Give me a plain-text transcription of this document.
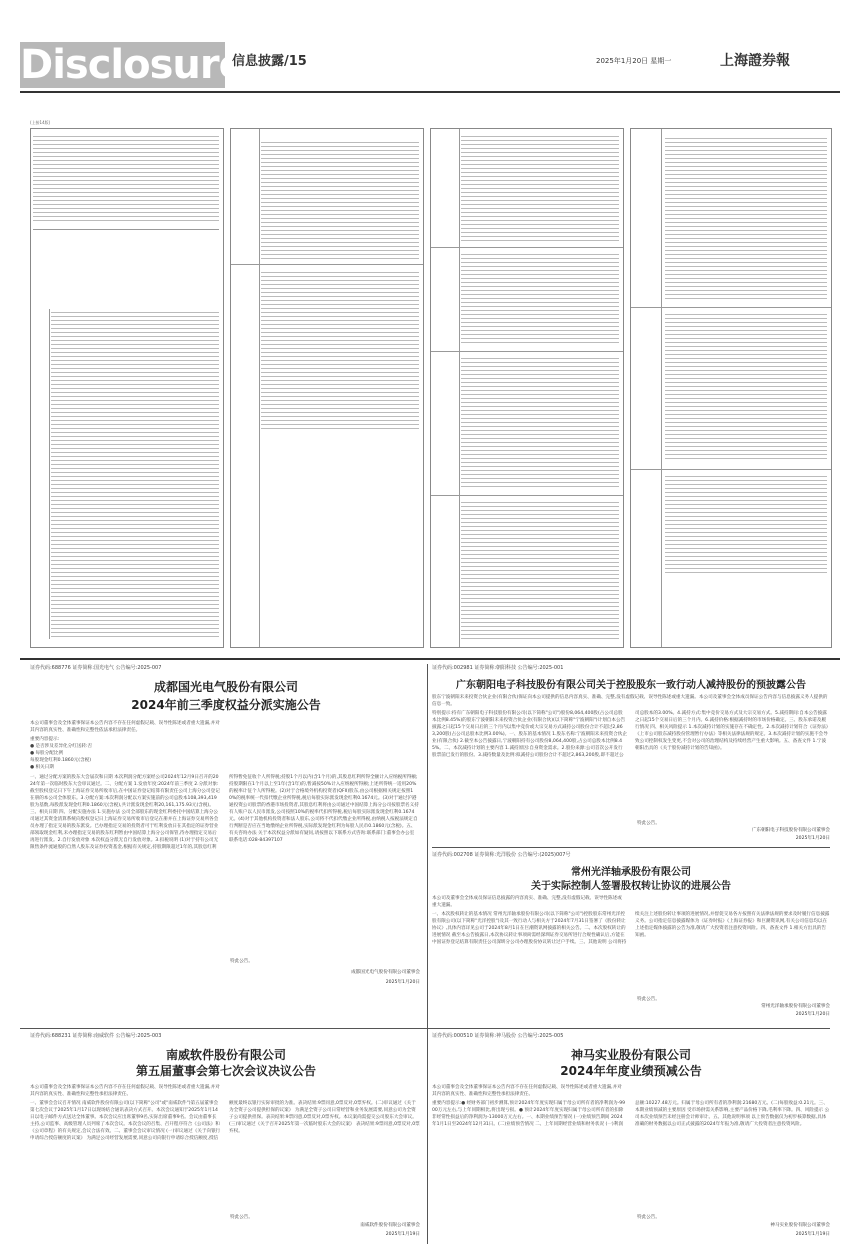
Disclosure
信息披露/15	2025年1月20日 星期一	上海證券報
(上接14版)
证券代码:688776 证券简称:国光电气 公告编号:2025-007
成都国光电气股份有限公司
2024年前三季度权益分派实施公告
本公司董事会及全体董事保证本公告内容不存在任何虚假记载、误导性陈述或者重大遗漏,并对其内容的真实性、准确性和完整性依法承担法律责任。
重要内容提示:
● 是否涉及差异化分红送转:否
● 每股分配比例
每股现金红利0.1860元(含税)
● 相关日期
一、通过分配方案的股东大会届次和日期 本次利润分配方案经公司2024年12月9日召开的2024年第一次临时股东大会审议通过。二、分配方案 1.发放年度:2024年前三季度 2.分派对象:截至股权登记日下午上海证券交易所收市后,在中国证券登记结算有限责任公司上海分公司登记在册的本公司全体股东。3.分配方案:本次利润分配以方案实施前的公司总股本108,393,419股为基数,每股派发现金红利0.1860元(含税),共计派发现金红利20,161,175.93元(含税)。三、相关日期 四、分配实施办法 1.实施办法 公司全部股东的现金红利委托中国结算上海分公司通过其资金清算系统向股权登记日上海证券交易所收市后登记在册并在上海证券交易所各会员办理了指定交易的股东派发。已办理指定交易的投资者可于红利发放日在其指定的证券营业部领取现金红利,未办理指定交易的股东红利暂由中国结算上海分公司保管,待办理指定交易后再进行派发。2.自行发放对象 本次权益分派无自行发放对象。3.扣税说明 (1)对于持有公司无限售条件流通股的自然人股东及证券投资基金,根据有关规定,持股期限超过1年的,其股息红利所得暂免征收个人所得税;持股1个月以内(含1个月)的,其股息红利所得全额计入应纳税所得额;持股期限在1个月以上至1年(含1年)的,暂减按50%计入应纳税所得额;上述所得统一适用20%的税率计征个人所得税。(2)对于合格境外机构投资者(QFII)股东,由公司根据相关规定按照10%的税率统一代扣代缴企业所得税,税后每股实际派发现金红利0.1674元。(3)对于通过沪港通投资公司股票的香港市场投资者,其股息红利将由公司通过中国结算上海分公司按股票名义持有人账户以人民币派发,公司按照10%的税率代扣所得税,税后每股实际派发现金红利0.1674元。(4)对于其他机构投资者和法人股东,公司将不代扣代缴企业所得税,由纳税人按税法规定自行判断是否应在当地缴纳企业所得税,实际派发现金红利为每股人民币0.1860元(含税)。五、有关咨询办法 关于本次权益分派如有疑问,请按照以下联系方式咨询:联系部门:董事会办公室 联系电话:028-84397107
特此公告。
成都国光电气股份有限公司董事会
2025年1月20日
证券代码:002981 证券简称:朝阳科技 公告编号:2025-001
广东朝阳电子科技股份有限公司关于控股股东一致行动人减持股份的预披露公告
股东宁波朝阳未来投资合伙企业(有限合伙)保证向本公司提供的信息内容真实、准确、完整,没有虚假记载、误导性陈述或重大遗漏。本公司及董事会全体成员保证公告内容与信息披露义务人提供的信息一致。
特别提示:持有广东朝阳电子科技股份有限公司(以下简称"公司")股份8,064,400股(占公司总股本比例8.45%)的股东宁波朝阳未来投资合伙企业(有限合伙)(以下简称"宁波朝阳")计划自本公告披露之日起15个交易日后的三个月内以集中竞价或大宗交易方式减持公司股份合计不超过2,863,200股(占公司总股本比例3.00%)。一、股东的基本情况 1.股东名称:宁波朝阳未来投资合伙企业(有限合伙) 2.截至本公告披露日,宁波朝阳持有公司股份8,064,400股,占公司总股本比例8.45%。二、本次减持计划的主要内容 1.减持原因:自身资金需求。2.股份来源:公司首次公开发行股票前已发行的股份。3.减持数量及比例:拟减持公司股份合计不超过2,863,200股,即不超过公司总股本的3.00%。4.减持方式:集中竞价交易方式及大宗交易方式。5.减持期间:自本公告披露之日起15个交易日后的三个月内。6.减持价格:根据减持时的市场价格确定。三、股东承诺及履行情况 四、相关风险提示 1.本次减持计划的实施存在不确定性。2.本次减持计划符合《证券法》《上市公司股东减持股份管理暂行办法》等相关法律法规的规定。3.本次减持计划的实施不会导致公司控制权发生变更,不会对公司的治理结构及持续经营产生重大影响。五、备查文件 1.宁波朝阳出具的《关于股份减持计划的告知函》。
特此公告。
广东朝阳电子科技股份有限公司董事会
2025年1月20日
证券代码:002708 证券简称:光洋股份 公告编号:(2025)007号
常州光洋轴承股份有限公司
关于实际控制人签署股权转让协议的进展公告
本公司及董事会全体成员保证信息披露的内容真实、准确、完整,没有虚假记载、误导性陈述或重大遗漏。
一、本次股权转让的基本情况 常州光洋轴承股份有限公司(以下简称"公司")控股股东常州光洋控股有限公司(以下简称"光洋控股")及其一致行动人与相关方于2024年7月31日签署了《股份转让协议》,具体内容详见公司于2024年8月1日在巨潮资讯网披露的相关公告。二、本次股权转让的进展情况 截至本公告披露日,本次协议转让事项尚需经深圳证券交易所进行合规性确认后,方能在中国证券登记结算有限责任公司深圳分公司办理股份协议转让过户手续。三、其他说明 公司将持续关注上述股份转让事项的进展情况,并督促交易各方按照有关法律法规的要求及时履行信息披露义务。公司指定信息披露媒体为《证券时报》《上海证券报》和巨潮资讯网,有关公司信息均以在上述指定媒体披露的公告为准,敬请广大投资者注意投资风险。四、备查文件 1.相关方出具的告知函。
特此公告。
常州光洋轴承股份有限公司董事会
2025年1月20日
证券代码:688231 证券简称:南威软件 公告编号:2025-003
南威软件股份有限公司
第五届董事会第七次会议决议公告
本公司董事会及全体董事保证本公告内容不存在任何虚假记载、误导性陈述或者重大遗漏,并对其内容的真实性、准确性和完整性承担法律责任。
一、董事会会议召开情况 南威软件股份有限公司(以下简称"公司"或"南威软件")第五届董事会第七次会议于2025年1月17日以现场结合通讯表决方式召开。本次会议通知于2025年1月14日以电子邮件方式送达全体董事。本次会议应出席董事9名,实际出席董事9名。会议由董事长主持,公司监事、高级管理人员列席了本次会议。本次会议的召集、召开程序符合《公司法》和《公司章程》的有关规定,会议合法有效。二、董事会会议审议情况 (一)审议通过《关于向银行申请综合授信额度的议案》 为满足公司经营发展需要,同意公司向银行申请综合授信额度,授信额度最终以银行实际审批的为准。表决结果:9票同意,0票反对,0票弃权。(二)审议通过《关于为全资子公司提供担保的议案》 为满足全资子公司日常经营和业务发展需要,同意公司为全资子公司提供担保。表决结果:9票同意,0票反对,0票弃权。本议案尚需提交公司股东大会审议。(三)审议通过《关于召开2025年第一次临时股东大会的议案》 表决结果:9票同意,0票反对,0票弃权。
特此公告。
南威软件股份有限公司董事会
2025年1月19日
证券代码:000510 证券简称:神马股份 公告编号:2025-005
神马实业股份有限公司
2024年年度业绩预减公告
本公司董事会及全体董事保证本公告内容不存在任何虚假记载、误导性陈述或者重大遗漏,并对其内容的真实性、准确性和完整性承担法律责任。
重要内容提示:● 经财务部门初步测算,预计2024年年度实现归属于母公司所有者的净利润为-9900万元左右,与上年同期相比,将出现亏损。● 预计2024年年度实现归属于母公司所有者的扣除非经常性损益后的净利润为-13000万元左右。一、本期业绩预告情况 (一)业绩预告期间 2024年1月1日至2024年12月31日。(二)业绩预告情况 二、上年同期经营业绩和财务状况 (一)利润总额:10227.48万元。归属于母公司所有者的净利润:21680万元。(二)每股收益:0.21元。三、本期业绩预减的主要原因 受市场供需关系影响,主要产品价格下降,毛利率下降。四、风险提示 公司本次业绩预告未经注册会计师审计。五、其他说明事项 以上预告数据仅为初步核算数据,具体准确的财务数据以公司正式披露的2024年年报为准,敬请广大投资者注意投资风险。
特此公告。
神马实业股份有限公司董事会
2025年1月19日
